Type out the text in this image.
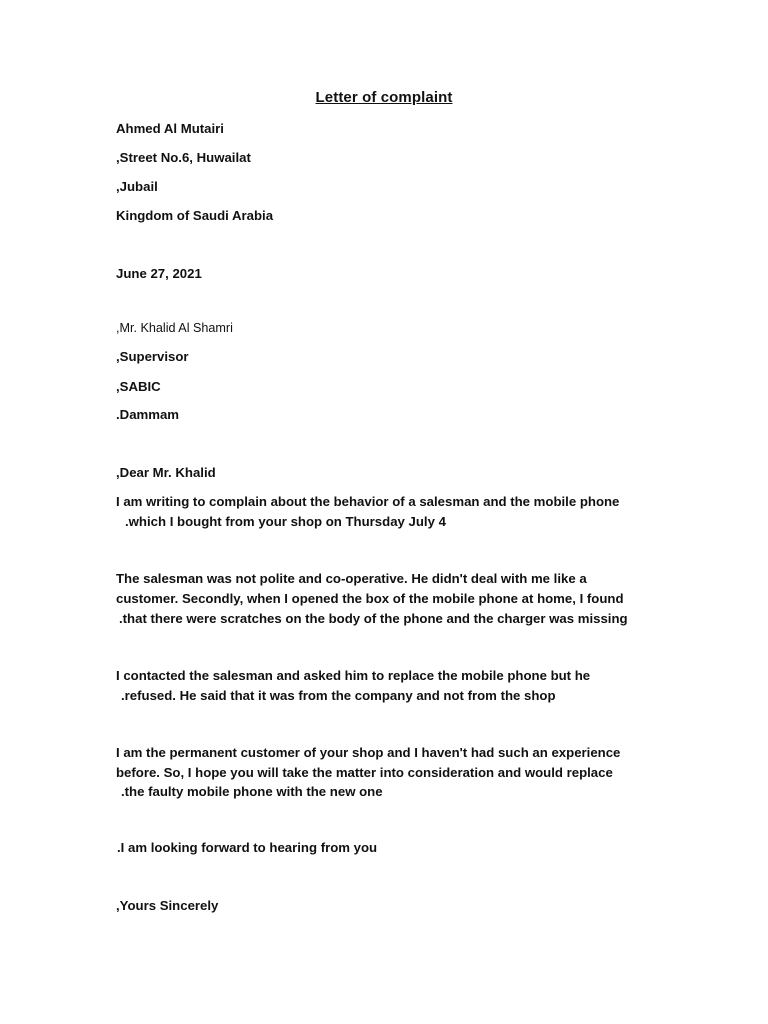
Letter of complaint
Ahmed Al Mutairi
,Street No.6, Huwailat
,Jubail
Kingdom of Saudi Arabia
June 27, 2021
,Mr. Khalid Al Shamri
,Supervisor
,SABIC
.Dammam
,Dear Mr. Khalid
I am writing to complain about the behavior of a salesman and the mobile phone
.which I bought from your shop on Thursday July 4
The salesman was not polite and co-operative. He didn't deal with me like a
customer. Secondly, when I opened the box of the mobile phone at home, I found
.that there were scratches on the body of the phone and the charger was missing
I contacted the salesman and asked him to replace the mobile phone but he
.refused. He said that it was from the company and not from the shop
I am the permanent customer of your shop and I haven't had such an experience
before. So, I hope you will take the matter into consideration and would replace
.the faulty mobile phone with the new one
.I am looking forward to hearing from you
,Yours Sincerely
